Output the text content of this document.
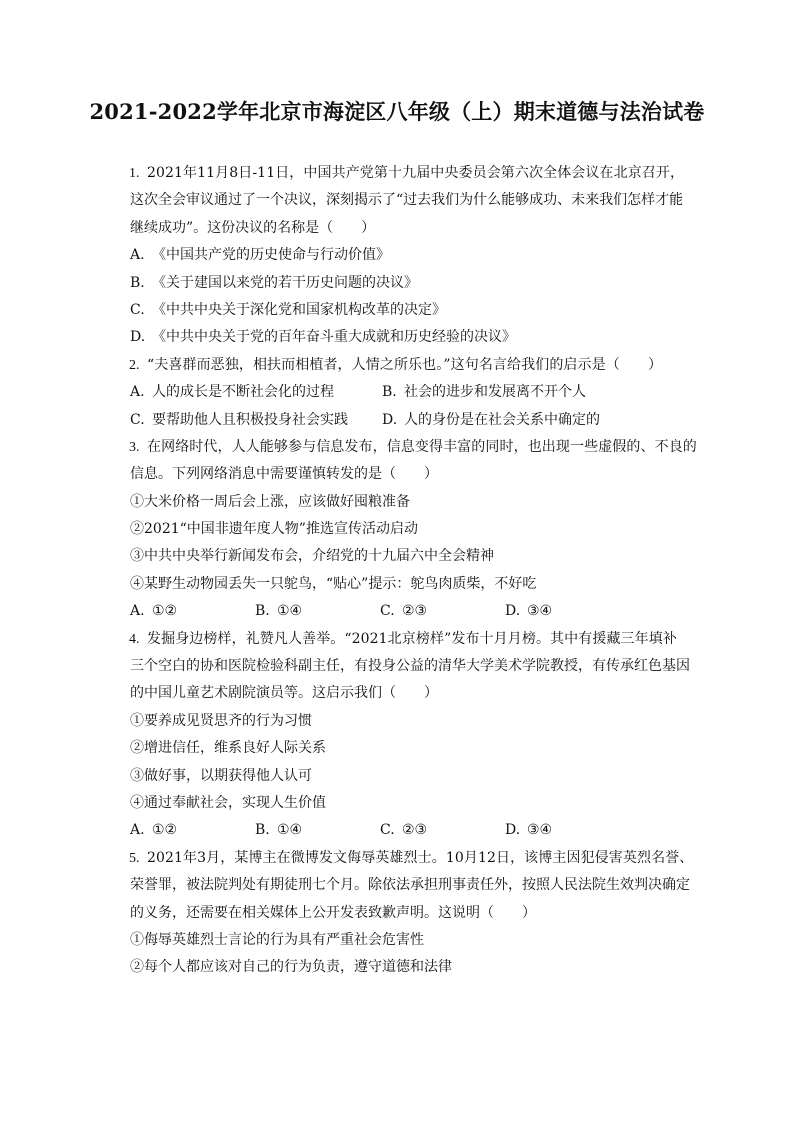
2021-2022学年北京市海淀区八年级（上）期末道德与法治试卷
1. 2021年11月8日-11日，中国共产党第十九届中央委员会第六次全体会议在北京召开，
这次全会审议通过了一个决议，深刻揭示了“过去我们为什么能够成功、未来我们怎样才能
继续成功”。这份决议的名称是（　　）
A. 《中国共产党的历史使命与行动价值》
B. 《关于建国以来党的若干历史问题的决议》
C. 《中共中央关于深化党和国家机构改革的决定》
D. 《中共中央关于党的百年奋斗重大成就和历史经验的决议》
2. “夫喜群而恶独，相扶而相植者，人情之所乐也。”这句名言给我们的启示是（　　）
A. 人的成长是不断社会化的过程	B. 社会的进步和发展离不开个人
C. 要帮助他人且积极投身社会实践	D. 人的身份是在社会关系中确定的
3. 在网络时代，人人能够参与信息发布，信息变得丰富的同时，也出现一些虚假的、不良的
信息。下列网络消息中需要谨慎转发的是（　　）
①大米价格一周后会上涨，应该做好囤粮准备
②2021“中国非遗年度人物”推选宣传活动启动
③中共中央举行新闻发布会，介绍党的十九届六中全会精神
④某野生动物园丢失一只鸵鸟，“贴心”提示：鸵鸟肉质柴，不好吃
A. ①②	B. ①④	C. ②③	D. ③④
4. 发掘身边榜样，礼赞凡人善举。“2021北京榜样”发布十月月榜。其中有援藏三年填补
三个空白的协和医院检验科副主任，有投身公益的清华大学美术学院教授，有传承红色基因
的中国儿童艺术剧院演员等。这启示我们（　　）
①要养成见贤思齐的行为习惯
②增进信任，维系良好人际关系
③做好事，以期获得他人认可
④通过奉献社会，实现人生价值
A. ①②	B. ①④	C. ②③	D. ③④
5. 2021年3月，某博主在微博发文侮辱英雄烈士。10月12日，该博主因犯侵害英烈名誉、
荣誉罪，被法院判处有期徒刑七个月。除依法承担刑事责任外，按照人民法院生效判决确定
的义务，还需要在相关媒体上公开发表致歉声明。这说明（　　）
①侮辱英雄烈士言论的行为具有严重社会危害性
②每个人都应该对自己的行为负责，遵守道德和法律
